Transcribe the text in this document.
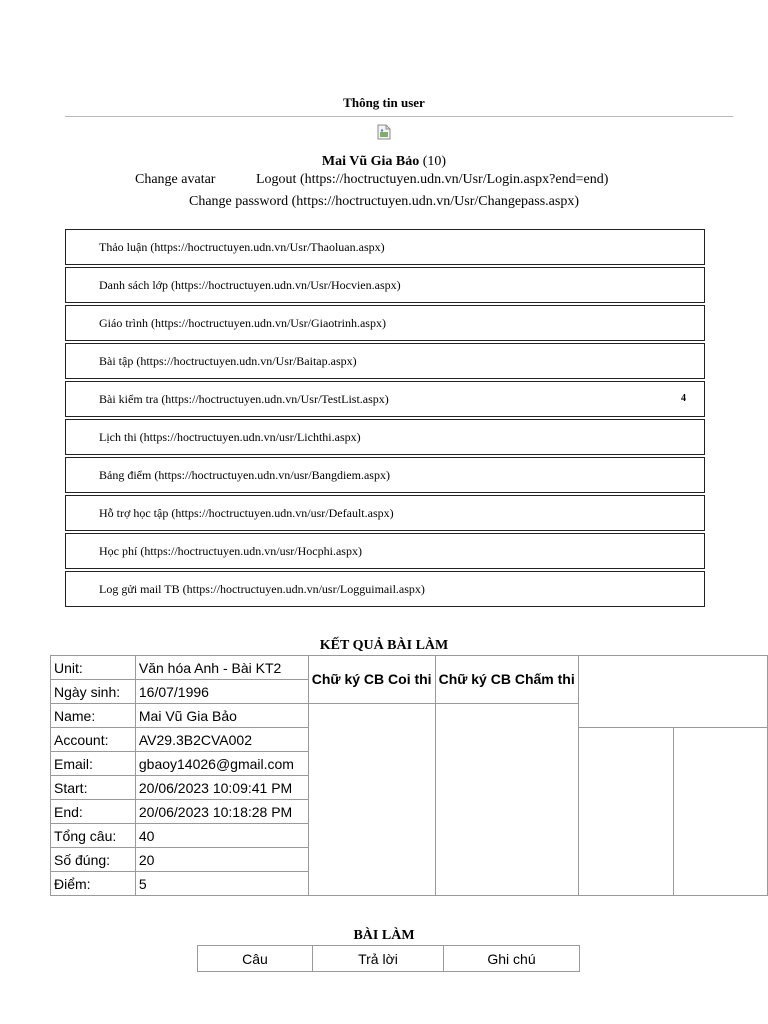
Thông tin user
Mai Vũ Gia Bảo (10)
Change avatar	Logout (https://hoctructuyen.udn.vn/Usr/Login.aspx?end=end)
Change password (https://hoctructuyen.udn.vn/Usr/Changepass.aspx)
Thảo luận (https://hoctructuyen.udn.vn/Usr/Thaoluan.aspx)
Danh sách lớp (https://hoctructuyen.udn.vn/Usr/Hocvien.aspx)
Giáo trình (https://hoctructuyen.udn.vn/Usr/Giaotrinh.aspx)
Bài tập (https://hoctructuyen.udn.vn/Usr/Baitap.aspx)
Bài kiểm tra (https://hoctructuyen.udn.vn/Usr/TestList.aspx)	4
Lịch thi (https://hoctructuyen.udn.vn/usr/Lichthi.aspx)
Bảng điểm (https://hoctructuyen.udn.vn/usr/Bangdiem.aspx)
Hỗ trợ học tập (https://hoctructuyen.udn.vn/usr/Default.aspx)
Học phí (https://hoctructuyen.udn.vn/usr/Hocphi.aspx)
Log gửi mail TB (https://hoctructuyen.udn.vn/usr/Logguimail.aspx)
KẾT QUẢ BÀI LÀM
Unit:	Văn hóa Anh - Bài KT2	Chữ ký CB Coi thi	Chữ ký CB Chấm thi		
Ngày sinh:	16/07/1996				
Name:	Mai Vũ Gia Bảo				
Account:	AV29.3B2CVA002				
Email:	gbaoy14026@gmail.com				
Start:	20/06/2023 10:09:41 PM				
End:	20/06/2023 10:18:28 PM				
Tổng câu:	40				
Số đúng:	20				
Điểm:	5				
BÀI LÀM
Câu	Trả lời	Ghi chú
